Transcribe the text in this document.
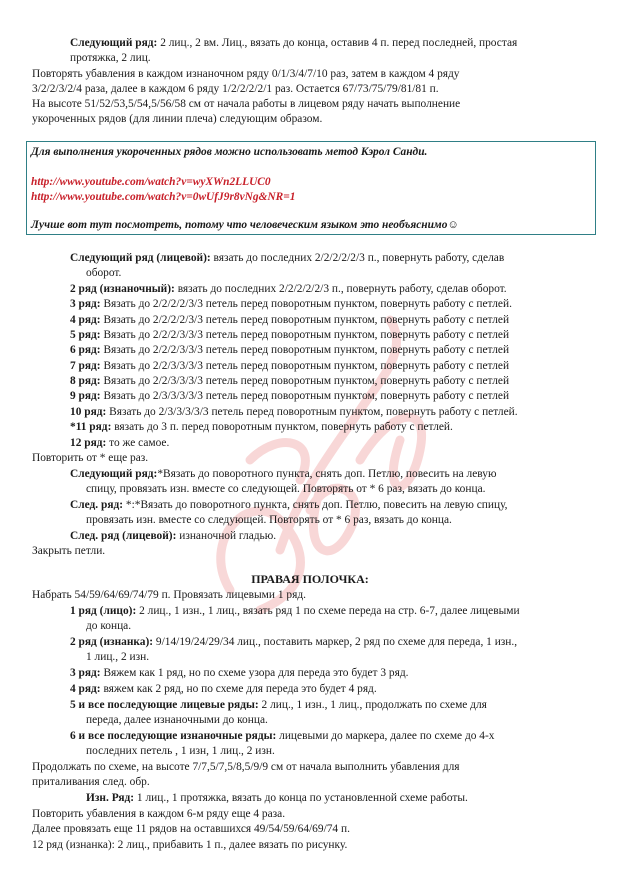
Следующий ряд: 2 лиц., 2 вм. Лиц., вязать до конца, оставив 4 п. перед последней, простая
протяжка, 2 лиц.
Повторять убавления в каждом изнаночном ряду 0/1/3/4/7/10 раз, затем в каждом 4 ряду
3/2/2/3/2/4 раза, далее в каждом 6 ряду 1/2/2/2/2/1 раз. Остается 67/73/75/79/81/81 п.
На высоте 51/52/53,5/54,5/56/58 см от начала работы в лицевом ряду начать выполнение
укороченных рядов (для линии плеча) следующим образом.
Для выполнения укороченных рядов можно использовать метод Кэрол Санди.
http://www.youtube.com/watch?v=wyXWn2LLUC0
http://www.youtube.com/watch?v=0wUfJ9r8vNg&NR=1
Лучше вот тут посмотреть, потому что человеческим языком это необъяснимо☺
Следующий ряд (лицевой): вязать до последних 2/2/2/2/2/3 п., повернуть работу, сделав
оборот.
2 ряд (изнаночный): вязать до последних 2/2/2/2/2/3 п., повернуть работу, сделав оборот.
3 ряд: Вязать до 2/2/2/2/3/3 петель перед поворотным пунктом, повернуть работу с петлей.
4 ряд: Вязать до 2/2/2/2/3/3 петель перед поворотным пунктом, повернуть работу с петлей
5 ряд: Вязать до 2/2/2/3/3/3 петель перед поворотным пунктом, повернуть работу с петлей
6 ряд: Вязать до 2/2/2/3/3/3 петель перед поворотным пунктом, повернуть работу с петлей
7 ряд: Вязать до 2/2/3/3/3/3 петель перед поворотным пунктом, повернуть работу с петлей
8 ряд: Вязать до 2/2/3/3/3/3 петель перед поворотным пунктом, повернуть работу с петлей
9 ряд: Вязать до 2/3/3/3/3/3 петель перед поворотным пунктом, повернуть работу с петлей
10 ряд: Вязать до 2/3/3/3/3/3 петель перед поворотным пунктом, повернуть работу с петлей.
*11 ряд: вязать до 3 п. перед поворотным пунктом, повернуть работу с петлей.
12 ряд: то же самое.
Повторить от * еще раз.
Следующий ряд:*Вязать до поворотного пункта, снять доп. Петлю, повесить на левую
спицу, провязать изн. вместе со следующей. Повторять от * 6 раз, вязать до конца.
След. ряд: *:*Вязать до поворотного пункта, снять доп. Петлю, повесить на левую спицу,
провязать изн. вместе со следующей. Повторять от * 6 раз, вязать до конца.
След. ряд (лицевой): изнаночной гладью.
Закрыть петли.
ПРАВАЯ ПОЛОЧКА:
Набрать 54/59/64/69/74/79 п. Провязать лицевыми 1 ряд.
1 ряд (лицо): 2 лиц., 1 изн., 1 лиц., вязать ряд 1 по схеме переда на стр. 6-7, далее лицевыми
до конца.
2 ряд (изнанка): 9/14/19/24/29/34 лиц., поставить маркер, 2 ряд по схеме для переда, 1 изн.,
1 лиц., 2 изн.
3 ряд: Вяжем как 1 ряд, но по схеме узора для переда это будет 3 ряд.
4 ряд: вяжем как 2 ряд, но по схеме для переда это будет 4 ряд.
5 и все последующие лицевые ряды: 2 лиц., 1 изн., 1 лиц., продолжать по схеме для
переда, далее изнаночными до конца.
6 и все последующие изнаночные ряды: лицевыми до маркера, далее по схеме до 4-х
последних петель , 1 изн, 1 лиц., 2 изн.
Продолжать по схеме, на высоте 7/7,5/7,5/8,5/9/9 см от начала выполнить убавления для
приталивания след. обр.
Изн. Ряд: 1 лиц., 1 протяжка, вязать до конца по установленной схеме работы.
Повторить убавления в каждом 6-м ряду еще 4 раза.
Далее провязать еще 11 рядов на оставшихся 49/54/59/64/69/74 п.
12 ряд (изнанка): 2 лиц., прибавить 1 п., далее вязать по рисунку.
